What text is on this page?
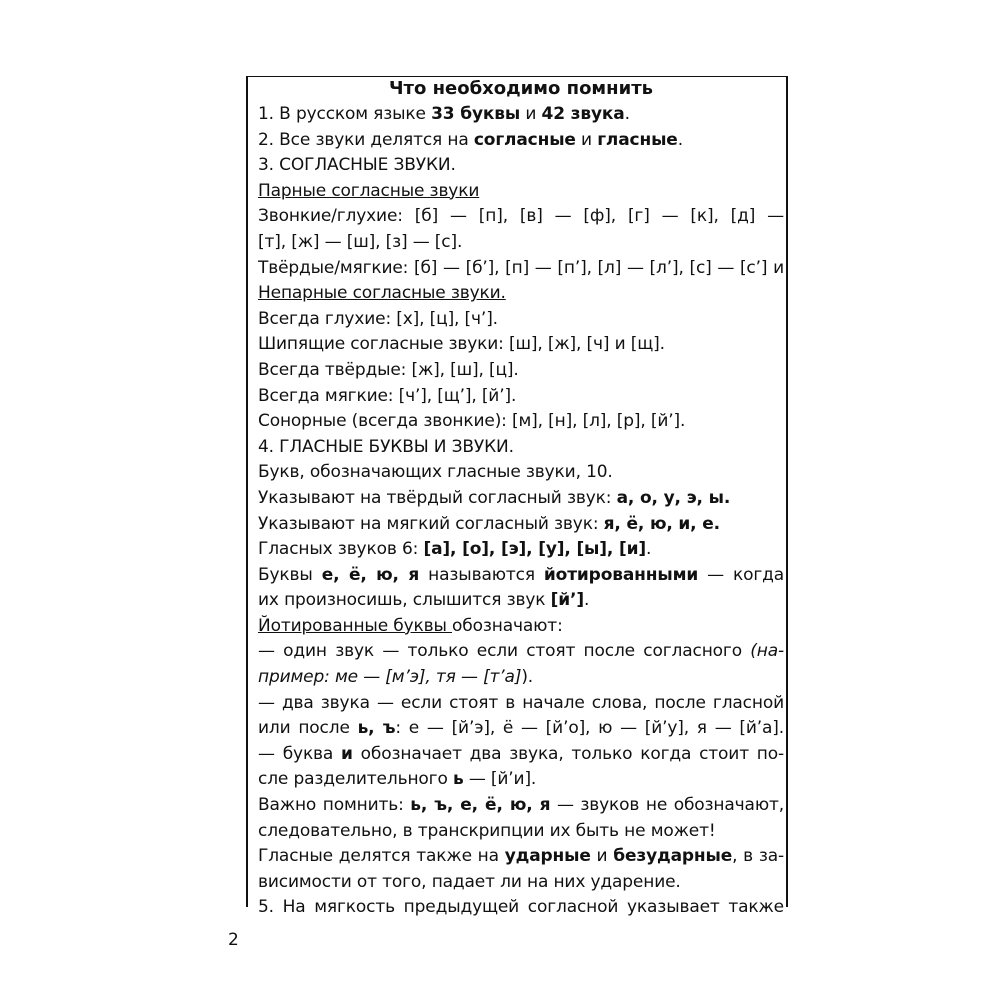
Что необходимо помнить
1. В русском языке 33 буквы и 42 звука.
2. Все звуки делятся на согласные и гласные.
3. СОГЛАСНЫЕ ЗВУКИ.
Парные согласные звуки
Звонкие/глухие: [б] — [п], [в] — [ф], [г] — [к], [д] —
[т], [ж] — [ш], [з] — [с].
Твёрдые/мягкие: [б] — [б’], [п] — [п’], [л] — [л’], [с] — [с’] и
Непарные согласные звуки.
Всегда глухие: [х], [ц], [ч’].
Шипящие согласные звуки: [ш], [ж], [ч] и [щ].
Всегда твёрдые: [ж], [ш], [ц].
Всегда мягкие: [ч’], [щ’], [й’].
Сонорные (всегда звонкие): [м], [н], [л], [р], [й’].
4. ГЛАСНЫЕ БУКВЫ И ЗВУКИ.
Букв, обозначающих гласные звуки, 10.
Указывают на твёрдый согласный звук: а, о, у, э, ы.
Указывают на мягкий согласный звук: я, ё, ю, и, е.
Гласных звуков 6: [а], [о], [э], [у], [ы], [и].
Буквы е, ё, ю, я называются йотированными — когда
их произносишь, слышится звук [й’].
Йотированные буквы обозначают:
— один звук — только если стоят после согласного (на-
пример: ме — [м’э], тя — [т’а]).
— два звука — если стоят в начале слова, после гласной
или после ь, ъ: е — [й’э], ё — [й’о], ю — [й’у], я — [й’а].
— буква и обозначает два звука, только когда стоит по-
сле разделительного ь — [й’и].
Важно помнить: ь, ъ, е, ё, ю, я — звуков не обозначают,
следовательно, в транскрипции их быть не может!
Гласные делятся также на ударные и безударные, в за-
висимости от того, падает ли на них ударение.
5. На мягкость предыдущей согласной указывает также
2
